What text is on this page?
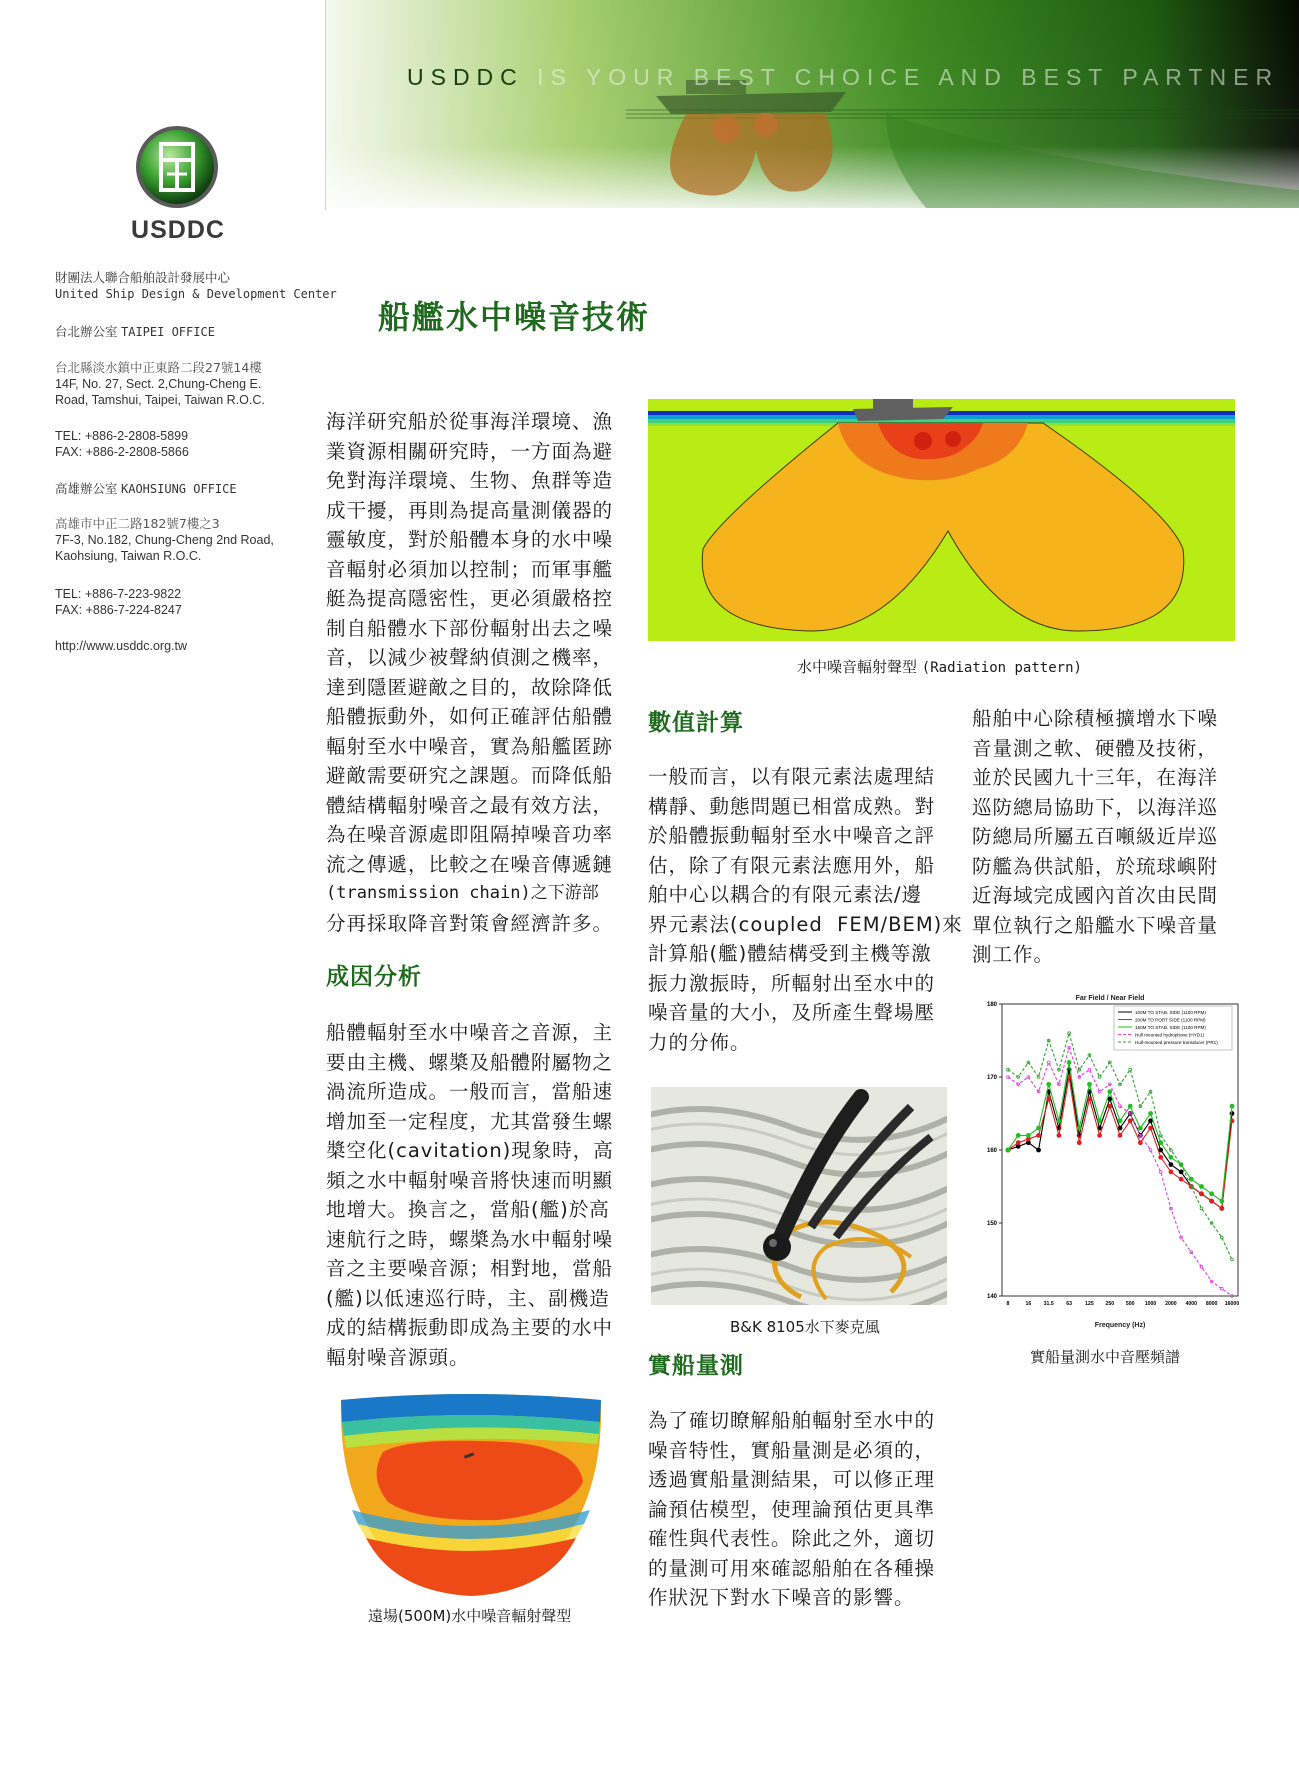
USDDC
財團法人聯合船舶設計發展中心
United Ship Design & Development Center
台北辦公室 TAIPEI OFFICE
台北縣淡水鎮中正東路二段27號14樓
14F, No. 27, Sect. 2,Chung-Cheng E.
Road, Tamshui, Taipei, Taiwan R.O.C.
TEL: +886-2-2808-5899
FAX: +886-2-2808-5866
高雄辦公室 KAOHSIUNG OFFICE
高雄市中正二路182號7樓之3
7F-3, No.182, Chung-Cheng 2nd Road,
Kaohsiung, Taiwan R.O.C.
TEL: +886-7-223-9822
FAX: +886-7-224-8247
http://www.usddc.org.tw
USDDC IS YOUR BEST CHOICE AND BEST PARTNER
船艦水中噪音技術
海洋研究船於從事海洋環境、漁
業資源相關研究時，一方面為避
免對海洋環境、生物、魚群等造
成干擾，再則為提高量測儀器的
靈敏度，對於船體本身的水中噪
音輻射必須加以控制；而軍事艦
艇為提高隱密性，更必須嚴格控
制自船體水下部份輻射出去之噪
音，以減少被聲納偵測之機率，
達到隱匿避敵之目的，故除降低
船體振動外，如何正確評估船體
輻射至水中噪音，實為船艦匿跡
避敵需要研究之課題。而降低船
體結構輻射噪音之最有效方法，
為在噪音源處即阻隔掉噪音功率
流之傳遞，比較之在噪音傳遞鏈
(transmission chain)之下游部
分再採取降音對策會經濟許多。
成因分析
船體輻射至水中噪音之音源，主
要由主機、螺槳及船體附屬物之
渦流所造成。一般而言，當船速
增加至一定程度，尤其當發生螺
槳空化(cavitation)現象時，高
頻之水中輻射噪音將快速而明顯
地增大。換言之，當船(艦)於高
速航行之時，螺槳為水中輻射噪
音之主要噪音源；相對地，當船
(艦)以低速巡行時，主、副機造
成的結構振動即成為主要的水中
輻射噪音源頭。
遠場(500M)水中噪音輻射聲型
水中噪音輻射聲型 (Radiation pattern)
數值計算
一般而言，以有限元素法處理結
構靜、動態問題已相當成熟。對
於船體振動輻射至水中噪音之評
估，除了有限元素法應用外，船
舶中心以耦合的有限元素法/邊
界元素法(coupled  FEM/BEM)來
計算船(艦)體結構受到主機等激
振力激振時，所輻射出至水中的
噪音量的大小，及所產生聲場壓
力的分佈。
B&K 8105水下麥克風
實船量測
為了確切瞭解船舶輻射至水中的
噪音特性，實船量測是必須的，
透過實船量測結果，可以修正理
論預估模型，使理論預估更具準
確性與代表性。除此之外，適切
的量測可用來確認船舶在各種操
作狀況下對水下噪音的影響。
船舶中心除積極擴增水下噪
音量測之軟、硬體及技術，
並於民國九十三年，在海洋
巡防總局協助下，以海洋巡
防總局所屬五百噸級近岸巡
防艦為供試船，於琉球嶼附
近海域完成國內首次由民間
單位執行之船艦水下噪音量
測工作。
Far Field / Near Field
140
150
160
170
180
8	16 31.5 63	125 250 500 1000 2000 4000 8000 16000
100M TO STAB. SIDE (1100 RPM)
200M TO PORT SIDE (1100 RPM)
150M TO STAB. SIDE (1100 RPM)
Hull mounted hydrophone (HYD1)
Hull-mounted pressure transducer (PR1)
Frequency (Hz)
實船量測水中音壓頻譜
